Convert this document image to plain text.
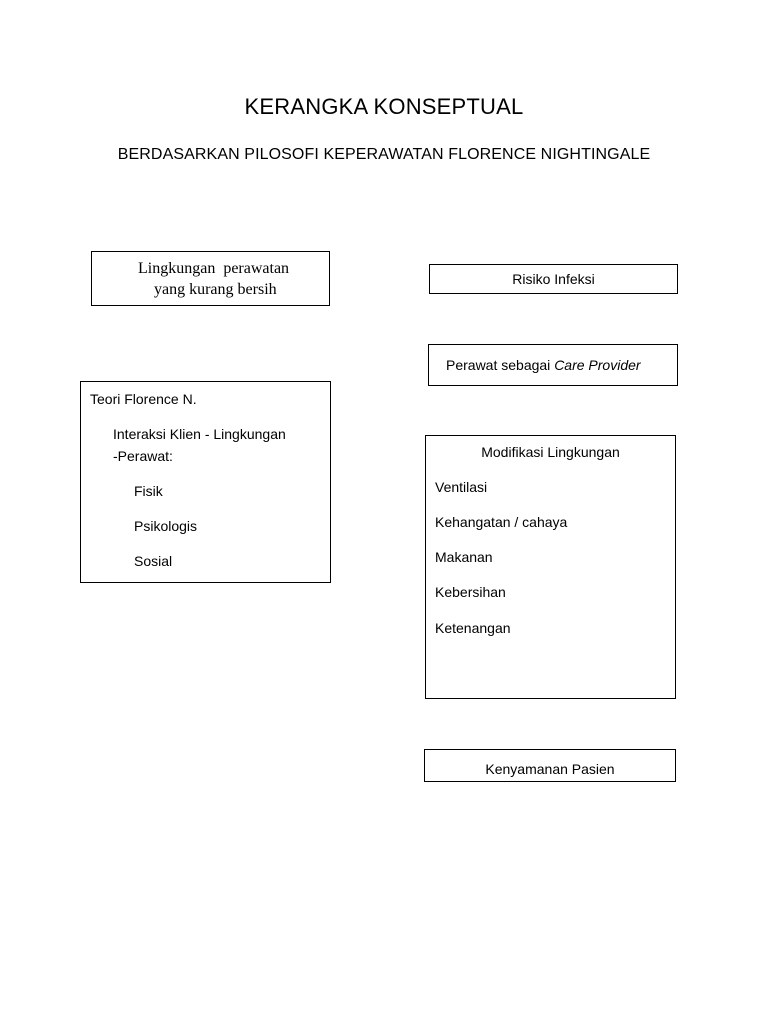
KERANGKA KONSEPTUAL
BERDASARKAN PILOSOFI KEPERAWATAN FLORENCE NIGHTINGALE
Lingkungan  perawatan
yang kurang bersih
Risiko Infeksi
Perawat sebagai Care Provider
Teori Florence N.
Interaksi Klien - Lingkungan
-Perawat:
Fisik
Psikologis
Sosial
Modifikasi Lingkungan
Ventilasi
Kehangatan / cahaya
Makanan
Kebersihan
Ketenangan
Kenyamanan Pasien
